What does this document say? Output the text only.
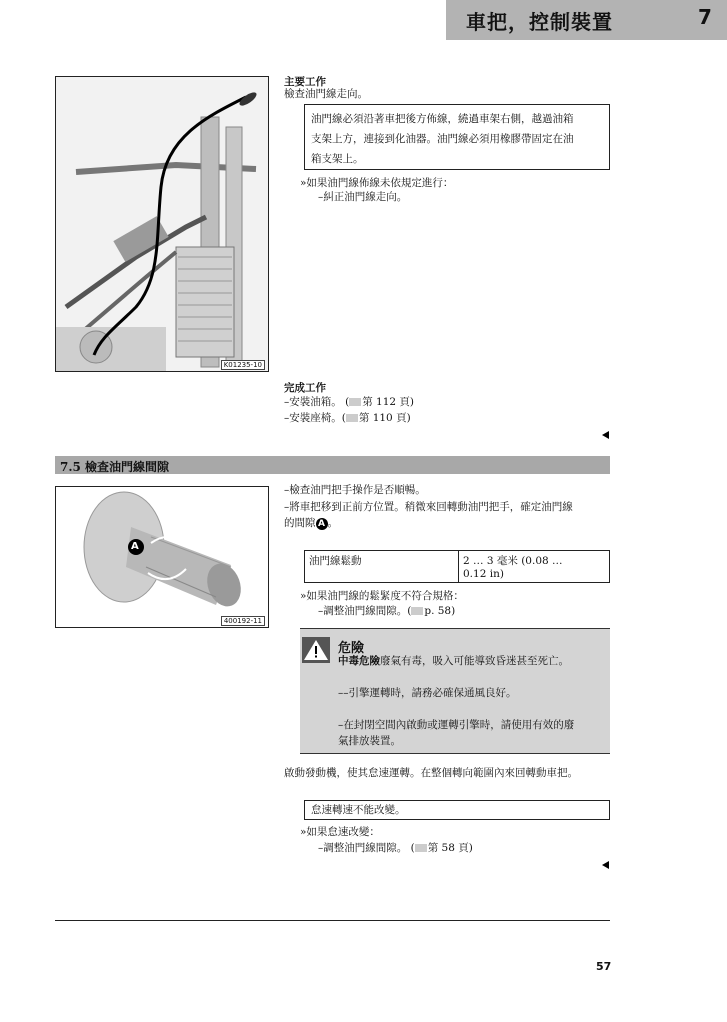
車把，控制裝置	7
K01235-10
主要工作
檢查油門線走向。
油門線必須沿著車把後方佈線，繞過車架右側，越過油箱
支架上方，連接到化油器。油門線必須用橡膠帶固定在油
箱支架上。
»如果油門線佈線未依規定進行：
–糾正油門線走向。
完成工作
–安裝油箱。 ( 第 112 頁)
–安裝座椅。( 第 110 頁)
7.5 檢查油門線間隙
A
400192-11
–檢查油門把手操作是否順暢。
–將車把移到正前方位置。稍微來回轉動油門把手，確定油門線
的間隙 A 。
油門線鬆動	2 … 3 毫米 (0.08 …
0.12 in)
»如果油門線的鬆緊度不符合規格：
–調整油門線間隙。( p. 58)
危險
中毒危險廢氣有毒，吸入可能導致昏迷甚至死亡。
––引擎運轉時，請務必確保通風良好。
–在封閉空間內啟動或運轉引擎時，請使用有效的廢
氣排放裝置。
啟動發動機，使其怠速運轉。在整個轉向範圍內來回轉動車把。
怠速轉速不能改變。
»如果怠速改變：
–調整油門線間隙。 ( 第 58 頁)
57
